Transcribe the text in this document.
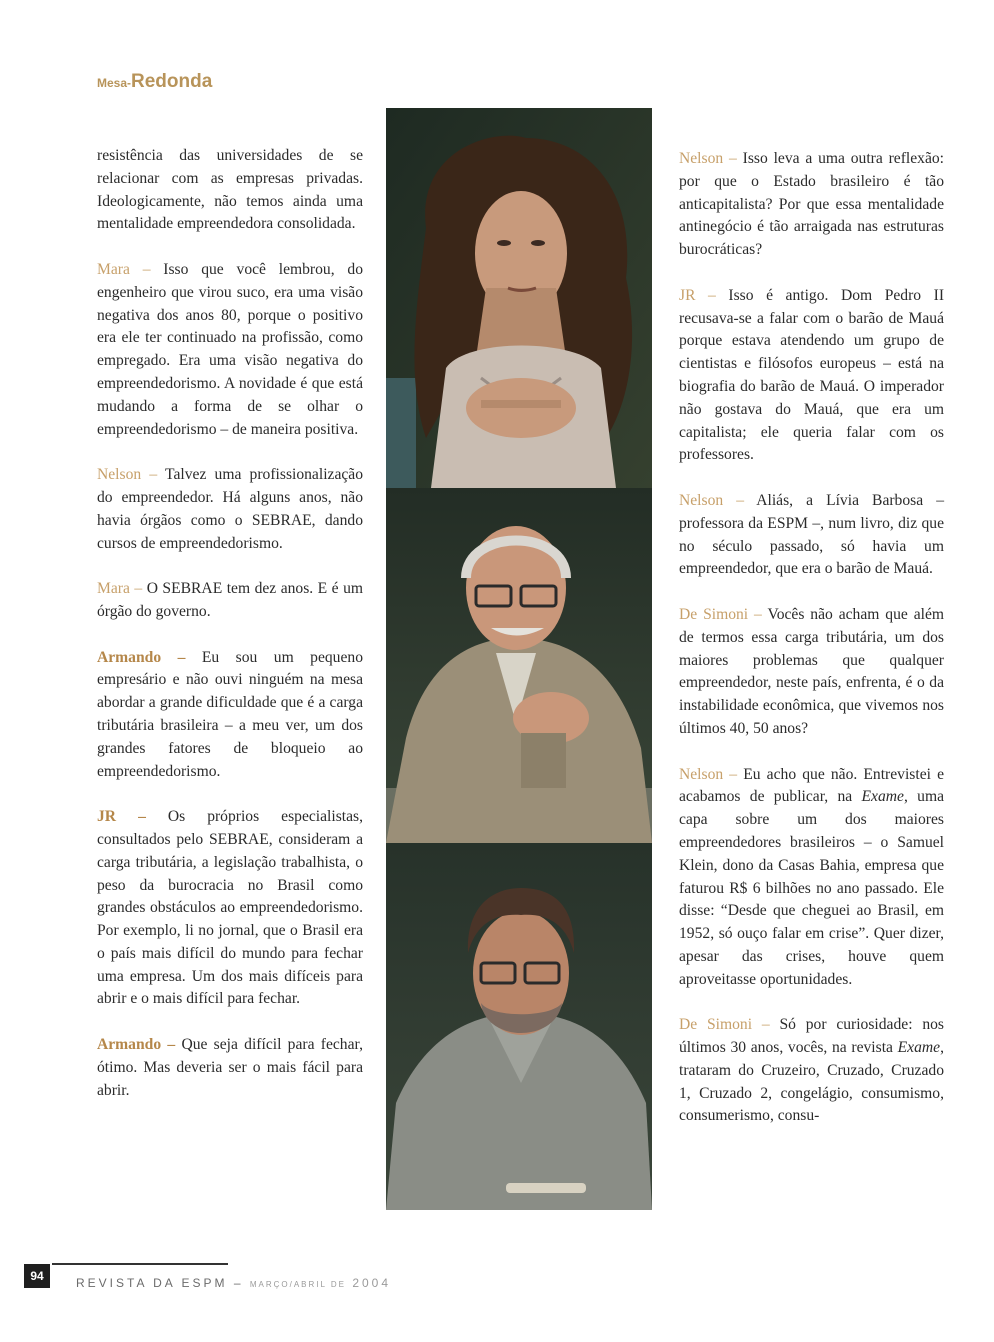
Mesa-Redonda

resistência das universidades de se relacionar com as empresas privadas. Ideologicamente, não temos ainda uma mentalidade empreendedora consolidada.

Mara – Isso que você lembrou, do engenheiro que virou suco, era uma visão negativa dos anos 80, porque o positivo era ele ter continuado na profissão, como empregado. Era uma visão negativa do empreendedorismo. A novidade é que está mudando a forma de se olhar o empreendedorismo – de maneira positiva.

Nelson – Talvez uma profissionalização do empreendedor. Há alguns anos, não havia órgãos como o SEBRAE, dando cursos de empreendedorismo.

Mara – O SEBRAE tem dez anos. E é um órgão do governo.

Armando – Eu sou um pequeno empresário e não ouvi ninguém na mesa abordar a grande dificuldade que é a carga tributária brasileira – a meu ver, um dos grandes fatores de bloqueio ao empreendedorismo.

JR – Os próprios especialistas, consultados pelo SEBRAE, consideram a carga tributária, a legislação trabalhista, o peso da burocracia no Brasil como grandes obstáculos ao empreendedorismo. Por exemplo, li no jornal, que o Brasil era o país mais difícil do mundo para fechar uma empresa. Um dos mais difíceis para abrir e o mais difícil para fechar.

Armando – Que seja difícil para fechar, ótimo. Mas deveria ser o mais fácil para abrir.

Nelson – Isso leva a uma outra reflexão: por que o Estado brasileiro é tão anticapitalista? Por que essa mentalidade antinegócio é tão arraigada nas estruturas burocráticas?

JR – Isso é antigo. Dom Pedro II recusava-se a falar com o barão de Mauá porque estava atendendo um grupo de cientistas e filósofos europeus – está na biografia do barão de Mauá. O imperador não gostava do Mauá, que era um capitalista; ele queria falar com os professores.

Nelson – Aliás, a Lívia Barbosa – professora da ESPM –, num livro, diz que no século passado, só havia um empreendedor, que era o barão de Mauá.

De Simoni – Vocês não acham que além de termos essa carga tributária, um dos maiores problemas que qualquer empreendedor, neste país, enfrenta, é o da instabilidade econômica, que vivemos nos últimos 40, 50 anos?

Nelson – Eu acho que não. Entrevistei e acabamos de publicar, na Exame, uma capa sobre um dos maiores empreendedores brasileiros – o Samuel Klein, dono da Casas Bahia, empresa que faturou R$ 6 bilhões no ano passado. Ele disse: “Desde que cheguei ao Brasil, em 1952, só ouço falar em crise”. Quer dizer, apesar das crises, houve quem aproveitasse oportunidades.

De Simoni – Só por curiosidade: nos últimos 30 anos, vocês, na revista Exame, trataram do Cruzeiro, Cruzado, Cruzado 1, Cruzado 2, congelágio, consumismo, consumerismo, consu-

94	REVISTA DA ESPM – MARÇO/ABRIL DE 2004
